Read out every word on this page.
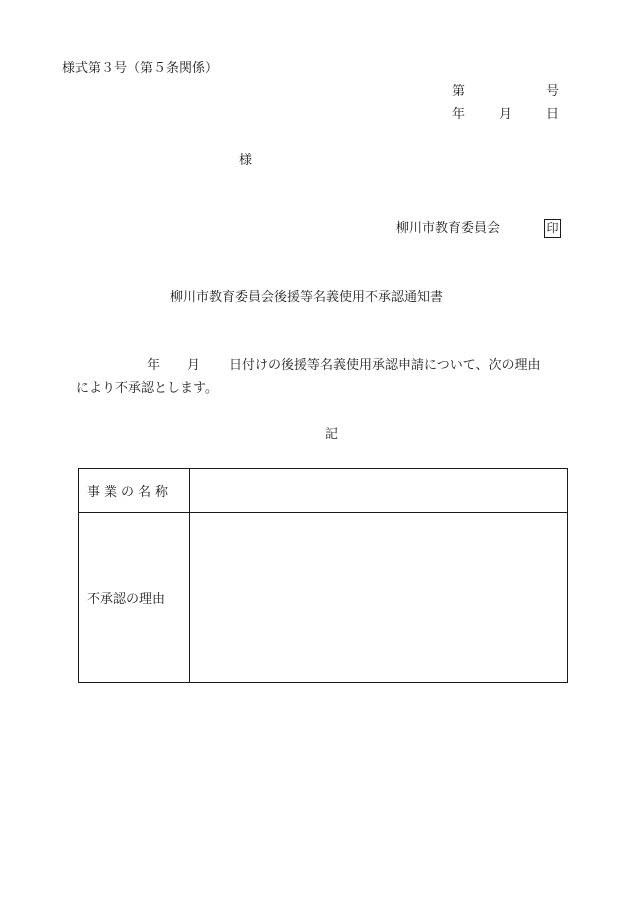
様式第３号（第５条関係）
第	号
年	月	日
様
柳川市教育委員会	印
柳川市教育委員会後援等名義使用不承認通知書
年 月 日付けの後援等名義使用承認申請について、次の理由
により不承認とします。
記
事業の名称	
不承認の理由	
